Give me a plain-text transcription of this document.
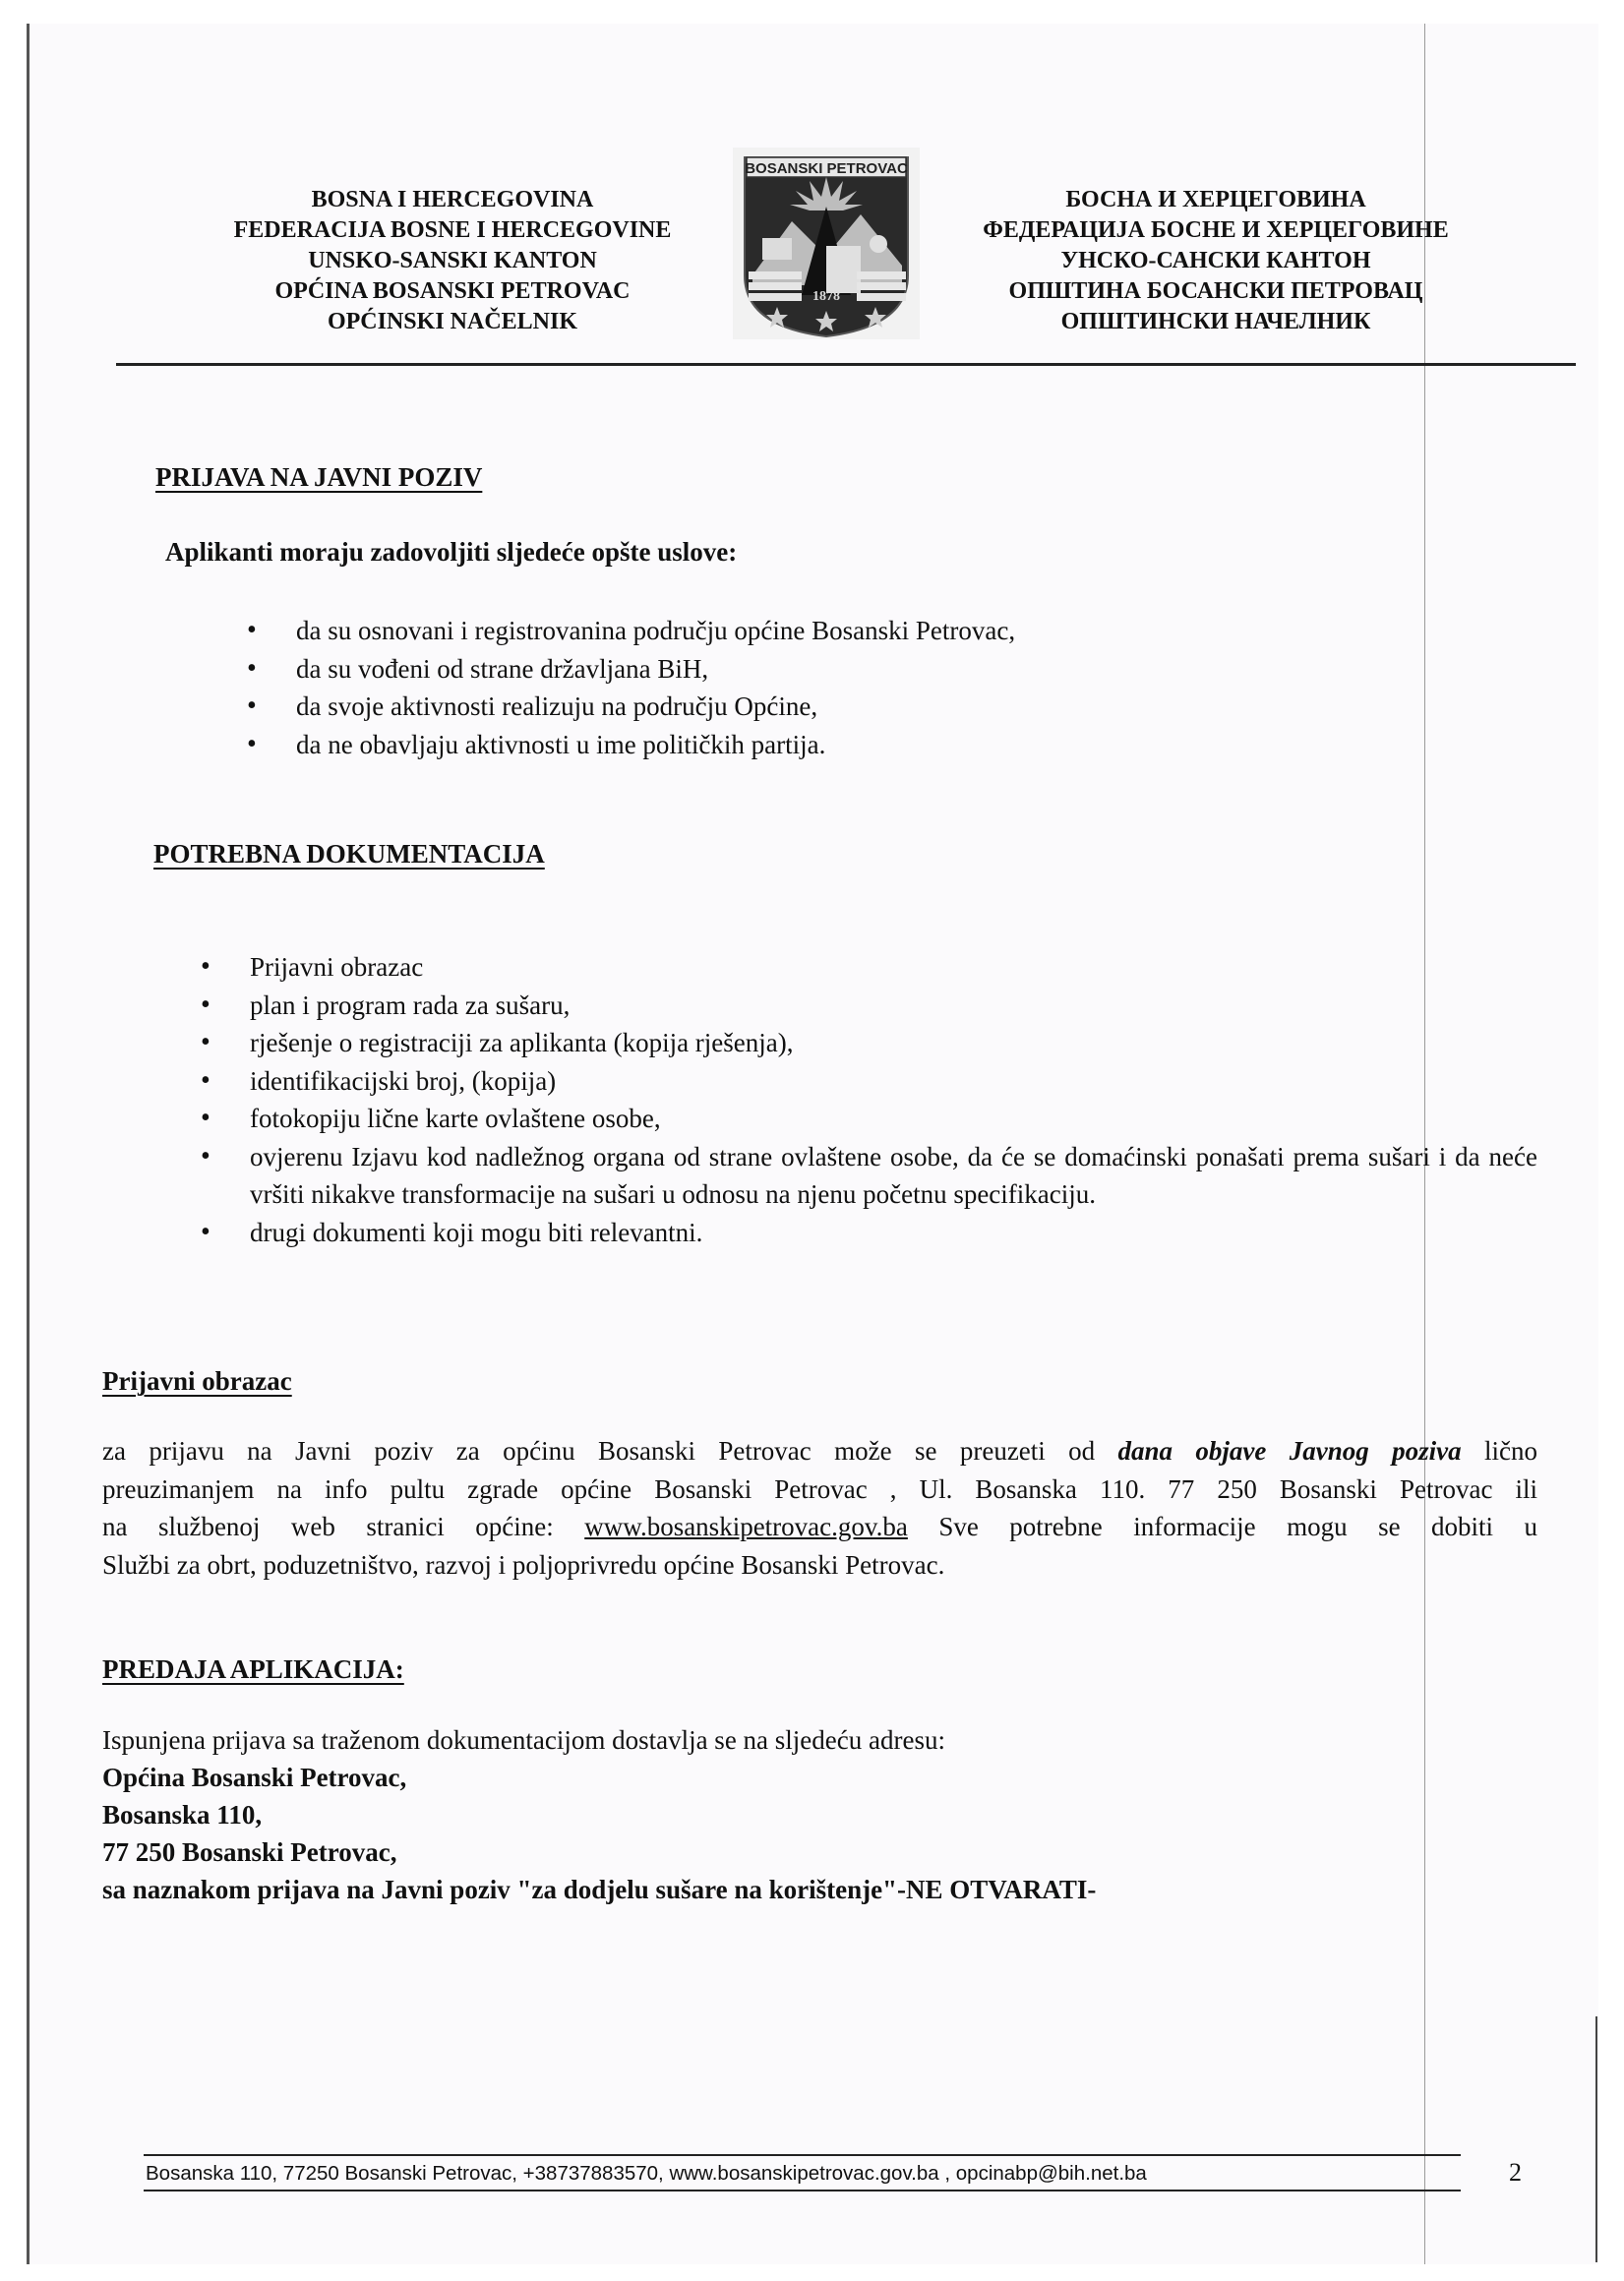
BOSNA I HERCEGOVINA
FEDERACIJA BOSNE I HERCEGOVINE
UNSKO-SANSKI KANTON
OPĆINA BOSANSKI PETROVAC
OPĆINSKI NAČELNIK
BOSANSKI PETROVAC
1878
БОСНА И ХЕРЦЕГОВИНА
ФЕДЕРАЦИЈА БОСНЕ И ХЕРЦЕГОВИНЕ
УНСКО-САНСКИ КАНТОН
ОПШТИНА БОСАНСКИ ПЕТРОВАЦ
ОПШТИНСКИ НАЧЕЛНИК
PRIJAVA NA JAVNI POZIV
Aplikanti moraju zadovoljiti sljedeće opšte uslove:
• da su osnovani i registrovanina području općine Bosanski Petrovac,
• da su vođeni od strane državljana BiH,
• da svoje aktivnosti realizuju na području Općine,
• da ne obavljaju aktivnosti u ime političkih partija.
POTREBNA DOKUMENTACIJA
• Prijavni obrazac
• plan i program rada za sušaru,
• rješenje o registraciji za aplikanta (kopija rješenja),
• identifikacijski broj, (kopija)
• fotokopiju lične karte ovlaštene osobe,
• ovjerenu Izjavu kod nadležnog organa od strane ovlaštene osobe, da će se domaćinski ponašati prema sušari i da neće vršiti nikakve transformacije na sušari u odnosu na njenu početnu specifikaciju.
• drugi dokumenti koji mogu biti relevantni.
Prijavni obrazac
za prijavu na Javni poziv za općinu Bosanski Petrovac može se preuzeti od dana objave Javnog poziva lično
preuzimanjem na info pultu zgrade općine Bosanski Petrovac , Ul. Bosanska 110. 77 250 Bosanski Petrovac ili
na službenoj web stranici općine: www.bosanskipetrovac.gov.ba Sve potrebne informacije mogu se dobiti u
Službi za obrt, poduzetništvo, razvoj i poljoprivredu općine Bosanski Petrovac.
PREDAJA APLIKACIJA:
Ispunjena prijava sa traženom dokumentacijom dostavlja se na sljedeću adresu:
Općina Bosanski Petrovac,
Bosanska 110,
77 250 Bosanski Petrovac,
sa naznakom prijava na Javni poziv "za dodjelu sušare na korištenje"-NE OTVARATI-
Bosanska 110, 77250 Bosanski Petrovac, +38737883570, www.bosanskipetrovac.gov.ba , opcinabp@bih.net.ba	2
